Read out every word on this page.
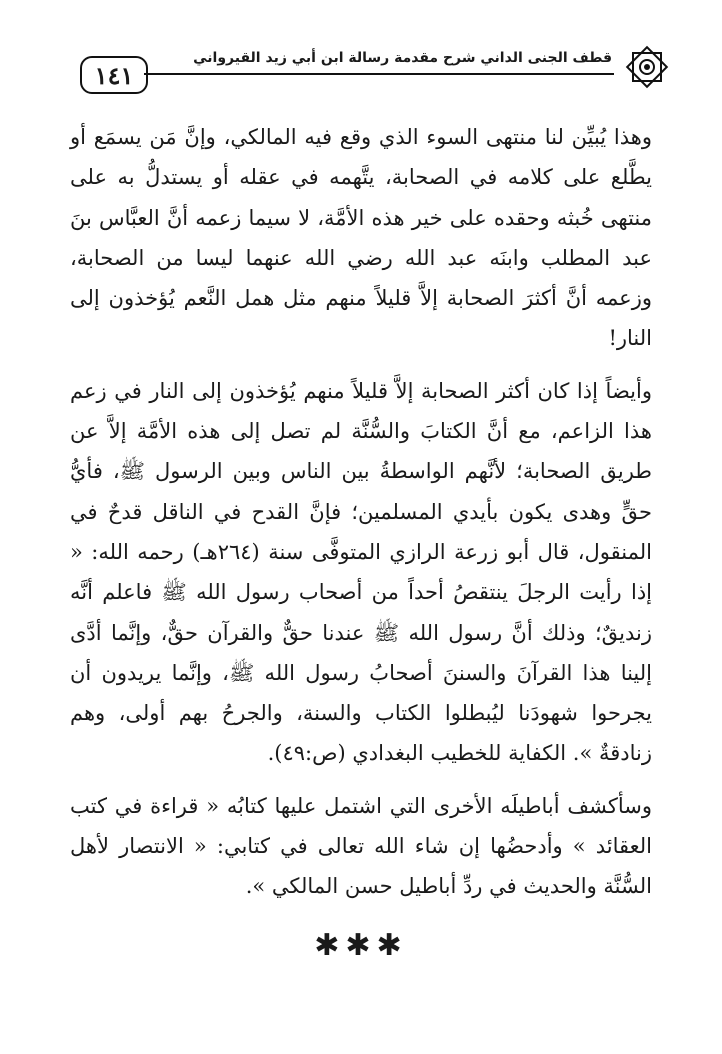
١٤١
قطف الجنى الداني شرح مقدمة رسالة ابن أبي زيد القيرواني

وهذا يُبيِّن لنا منتهى السوء الذي وقع فيه المالكي، وإنَّ مَن يسمَع أو يطَّلع على كلامه في الصحابة، يتَّهمه في عقله أو يستدلُّ به على منتهى خُبثه وحقده على خير هذه الأمَّة، لا سيما زعمه أنَّ العبَّاس بنَ عبد المطلب وابنَه عبد الله رضي الله عنهما ليسا من الصحابة، وزعمه أنَّ أكثرَ الصحابة إلاَّ قليلاً منهم مثل همل النَّعم يُؤخذون إلى النار!

وأيضاً إذا كان أكثر الصحابة إلاَّ قليلاً منهم يُؤخذون إلى النار في زعم هذا الزاعم، مع أنَّ الكتابَ والسُّنَّة لم تصل إلى هذه الأمَّة إلاَّ عن طريق الصحابة؛ لأنَّهم الواسطةُ بين الناس وبين الرسول ﷺ، فأيُّ حقٍّ وهدى يكون بأيدي المسلمين؛ فإنَّ القدح في الناقل قدحٌ في المنقول، قال أبو زرعة الرازي المتوفَّى سنة (٢٦٤هـ) رحمه الله: « إذا رأيت الرجلَ ينتقصُ أحداً من أصحاب رسول الله ﷺ فاعلم أنَّه زنديقٌ؛ وذلك أنَّ رسول الله ﷺ عندنا حقٌّ والقرآن حقٌّ، وإنَّما أدَّى إلينا هذا القرآنَ والسننَ أصحابُ رسول الله ﷺ، وإنَّما يريدون أن يجرحوا شهودَنا ليُبطلوا الكتاب والسنة، والجرحُ بهم أولى، وهم زنادقةٌ ». الكفاية للخطيب البغدادي (ص:٤٩).

وسأكشف أباطيلَه الأخرى التي اشتمل عليها كتابُه « قراءة في كتب العقائد » وأدحضُها إن شاء الله تعالى في كتابي: « الانتصار لأهل السُّنَّة والحديث في ردِّ أباطيل حسن المالكي ».

✱✱✱
